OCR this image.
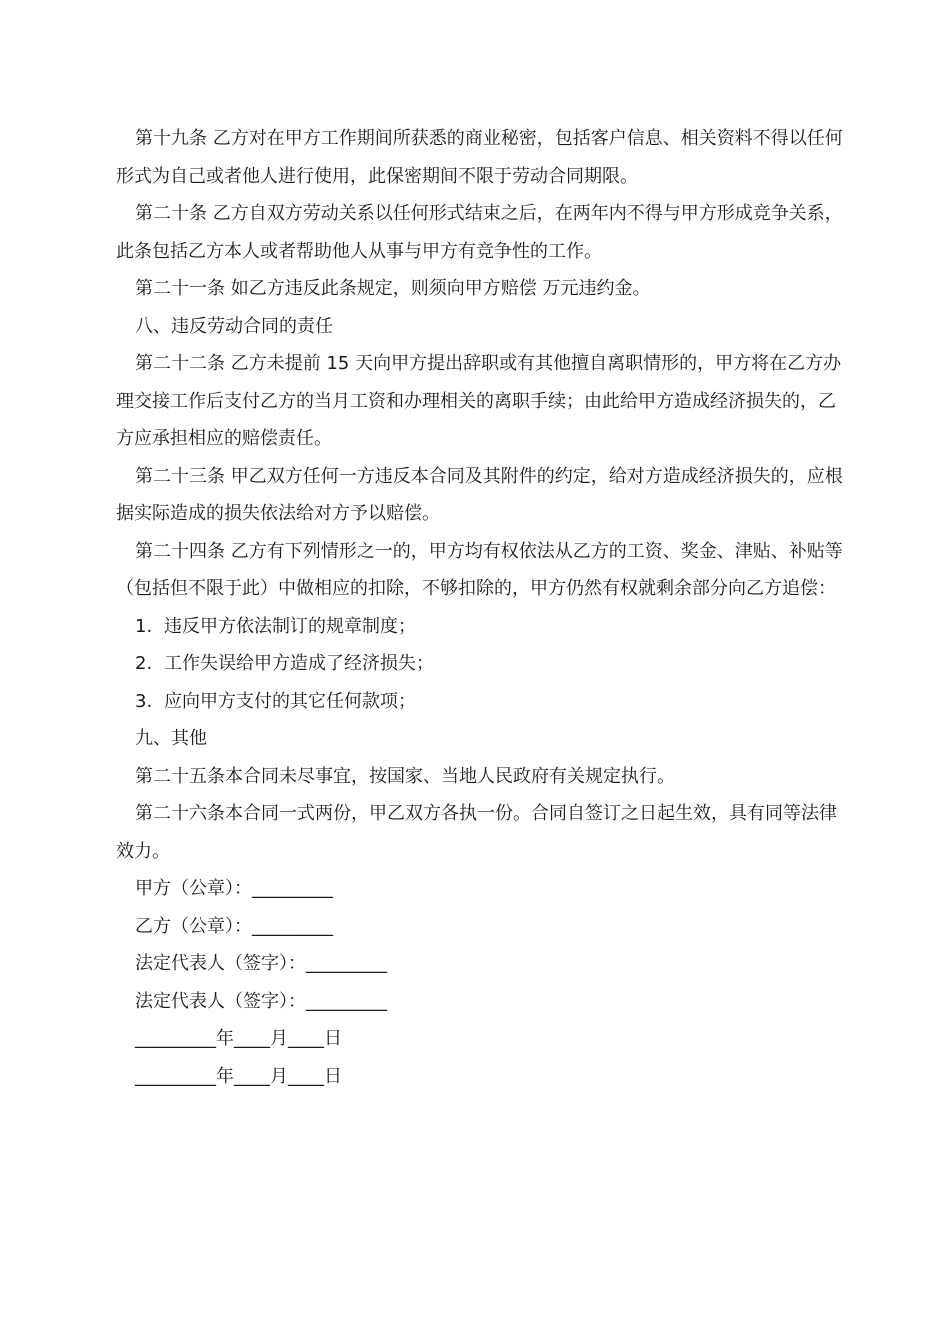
第十九条 乙方对在甲方工作期间所获悉的商业秘密，包括客户信息、相关资料不得以任何形式为自己或者他人进行使用，此保密期间不限于劳动合同期限。

第二十条 乙方自双方劳动关系以任何形式结束之后，在两年内不得与甲方形成竞争关系，此条包括乙方本人或者帮助他人从事与甲方有竞争性的工作。

第二十一条 如乙方违反此条规定，则须向甲方赔偿 万元违约金。

八、违反劳动合同的责任

第二十二条 乙方未提前 15 天向甲方提出辞职或有其他擅自离职情形的，甲方将在乙方办理交接工作后支付乙方的当月工资和办理相关的离职手续；由此给甲方造成经济损失的，乙方应承担相应的赔偿责任。

第二十三条 甲乙双方任何一方违反本合同及其附件的约定，给对方造成经济损失的，应根据实际造成的损失依法给对方予以赔偿。

第二十四条 乙方有下列情形之一的，甲方均有权依法从乙方的工资、奖金、津贴、补贴等（包括但不限于此）中做相应的扣除，不够扣除的，甲方仍然有权就剩余部分向乙方追偿：

1. 违反甲方依法制订的规章制度；

2. 工作失误给甲方造成了经济损失；

3. 应向甲方支付的其它任何款项；

九、其他

第二十五条本合同未尽事宜，按国家、当地人民政府有关规定执行。

第二十六条本合同一式两份，甲乙双方各执一份。合同自签订之日起生效，具有同等法律效力。

甲方（公章）：_________

乙方（公章）：_________

法定代表人（签字）：_________

法定代表人（签字）：_________

_________年____月____日

_________年____月____日
